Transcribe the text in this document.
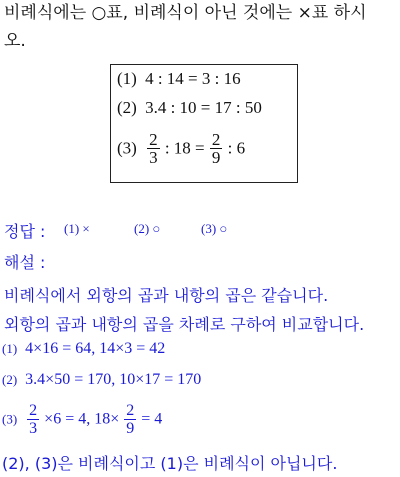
비례식에는 ○표, 비례식이 아닌 것에는 ×표 하시
오.
(1) 4 : 14 = 3 : 16
(2) 3.4 : 10 = 17 : 50
$(3) \frac{2}{3}$ : $18 = \frac{2}{9}$ : 6
정답 : (1) ×	(2) ○	(3) ○
해설 :
비례식에서 외항의 곱과 내항의 곱은 같습니다.
외항의 곱과 내항의 곱을 차례로 구하여 비교합니다.
(1) 4×16 = 64, 14×3 = 42
(2) 3.4×50 = 170, 10×17 = 170
$(3) \frac{2}{3} \times 6 = 4$, $18\times \frac{2}{9} = 4$
(2), (3)은 비례식이고 (1)은 비례식이 아닙니다.
